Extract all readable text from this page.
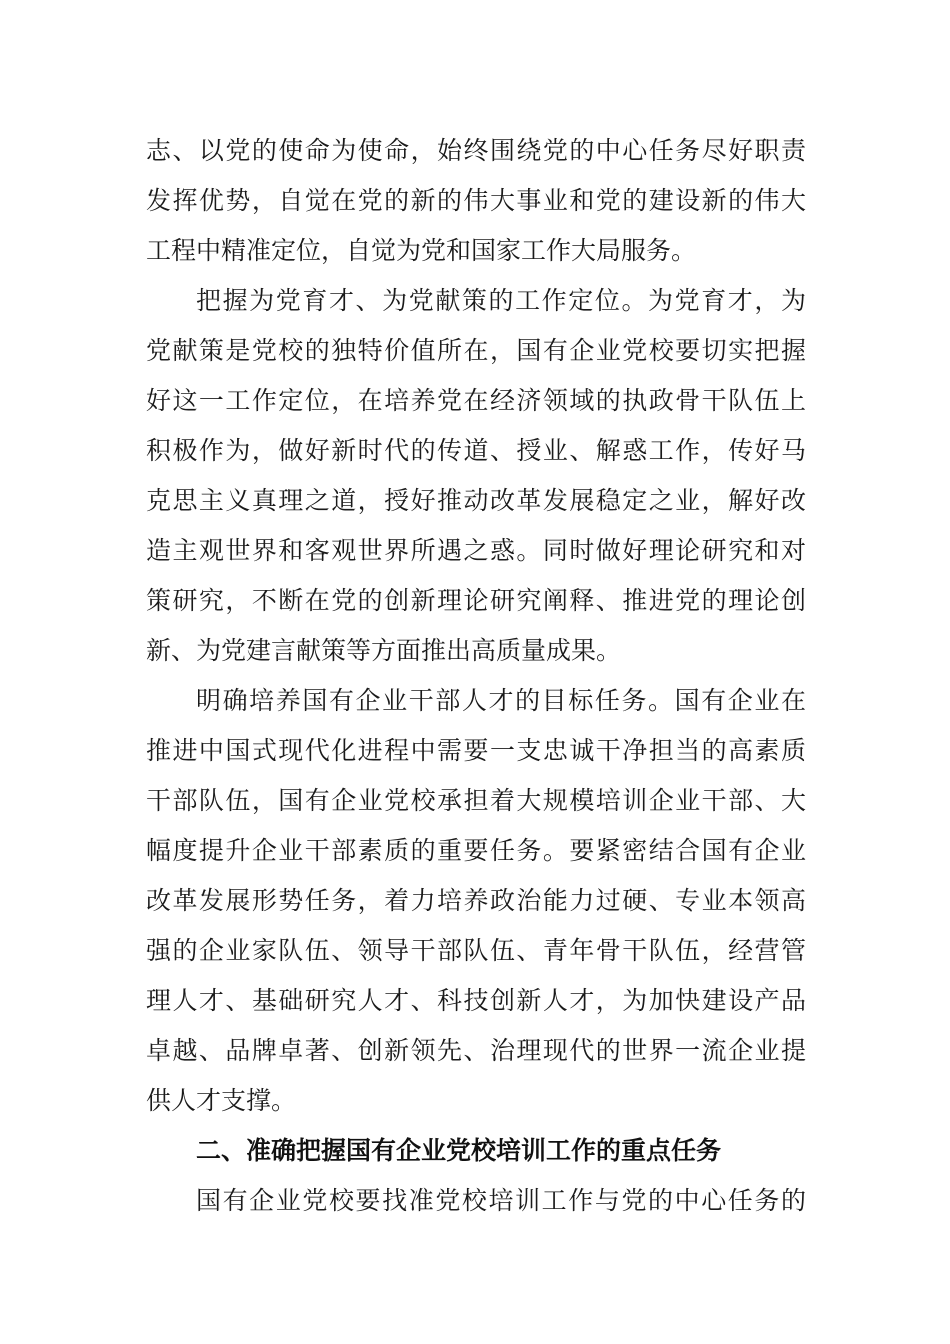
志、以党的使命为使命，始终围绕党的中心任务尽好职责
发挥优势，自觉在党的新的伟大事业和党的建设新的伟大
工程中精准定位，自觉为党和国家工作大局服务。
把握为党育才、为党献策的工作定位。为党育才，为
党献策是党校的独特价值所在，国有企业党校要切实把握
好这一工作定位，在培养党在经济领域的执政骨干队伍上
积极作为，做好新时代的传道、授业、解惑工作，传好马
克思主义真理之道，授好推动改革发展稳定之业，解好改
造主观世界和客观世界所遇之惑。同时做好理论研究和对
策研究，不断在党的创新理论研究阐释、推进党的理论创
新、为党建言献策等方面推出高质量成果。
明确培养国有企业干部人才的目标任务。国有企业在
推进中国式现代化进程中需要一支忠诚干净担当的高素质
干部队伍，国有企业党校承担着大规模培训企业干部、大
幅度提升企业干部素质的重要任务。要紧密结合国有企业
改革发展形势任务，着力培养政治能力过硬、专业本领高
强的企业家队伍、领导干部队伍、青年骨干队伍，经营管
理人才、基础研究人才、科技创新人才，为加快建设产品
卓越、品牌卓著、创新领先、治理现代的世界一流企业提
供人才支撑。
二、准确把握国有企业党校培训工作的重点任务
国有企业党校要找准党校培训工作与党的中心任务的
